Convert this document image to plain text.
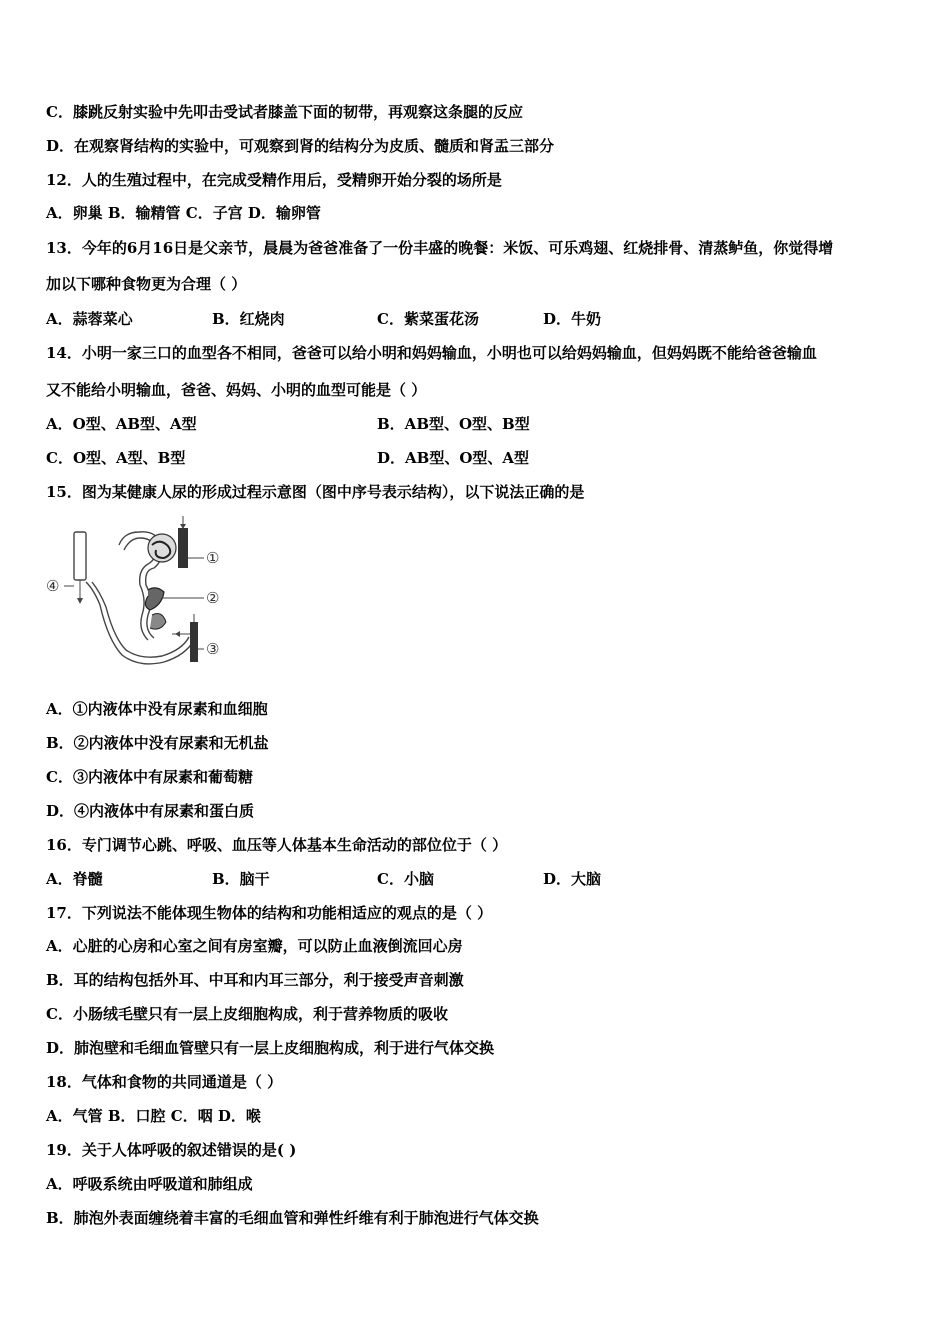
C．膝跳反射实验中先叩击受试者膝盖下面的韧带，再观察这条腿的反应
D．在观察肾结构的实验中，可观察到肾的结构分为皮质、髓质和肾盂三部分
12．人的生殖过程中，在完成受精作用后，受精卵开始分裂的场所是
A．卵巢 B．输精管 C．子宫 D．输卵管
13．今年的6月16日是父亲节，晨晨为爸爸准备了一份丰盛的晚餐：米饭、可乐鸡翅、红烧排骨、清蒸鲈鱼，你觉得增
加以下哪种食物更为合理（ ）
A．蒜蓉菜心	B．红烧肉	C．紫菜蛋花汤	D．牛奶
14．小明一家三口的血型各不相同，爸爸可以给小明和妈妈输血，小明也可以给妈妈输血，但妈妈既不能给爸爸输血
又不能给小明输血，爸爸、妈妈、小明的血型可能是（ ）
A．O型、AB型、A型	B．AB型、O型、B型
C．O型、A型、B型	D．AB型、O型、A型
15．图为某健康人尿的形成过程示意图（图中序号表示结构），以下说法正确的是
①
②
③
④
A．①内液体中没有尿素和血细胞
B．②内液体中没有尿素和无机盐
C．③内液体中有尿素和葡萄糖
D．④内液体中有尿素和蛋白质
16．专门调节心跳、呼吸、血压等人体基本生命活动的部位位于（ ）
A．脊髓	B．脑干	C．小脑	D．大脑
17．下列说法不能体现生物体的结构和功能相适应的观点的是（ ）
A．心脏的心房和心室之间有房室瓣，可以防止血液倒流回心房
B．耳的结构包括外耳、中耳和内耳三部分，利于接受声音刺激
C．小肠绒毛壁只有一层上皮细胞构成，利于营养物质的吸收
D．肺泡壁和毛细血管壁只有一层上皮细胞构成，利于进行气体交换
18．气体和食物的共同通道是（ ）
A．气管 B．口腔 C．咽 D．喉
19．关于人体呼吸的叙述错误的是( )
A．呼吸系统由呼吸道和肺组成
B．肺泡外表面缠绕着丰富的毛细血管和弹性纤维有利于肺泡进行气体交换
